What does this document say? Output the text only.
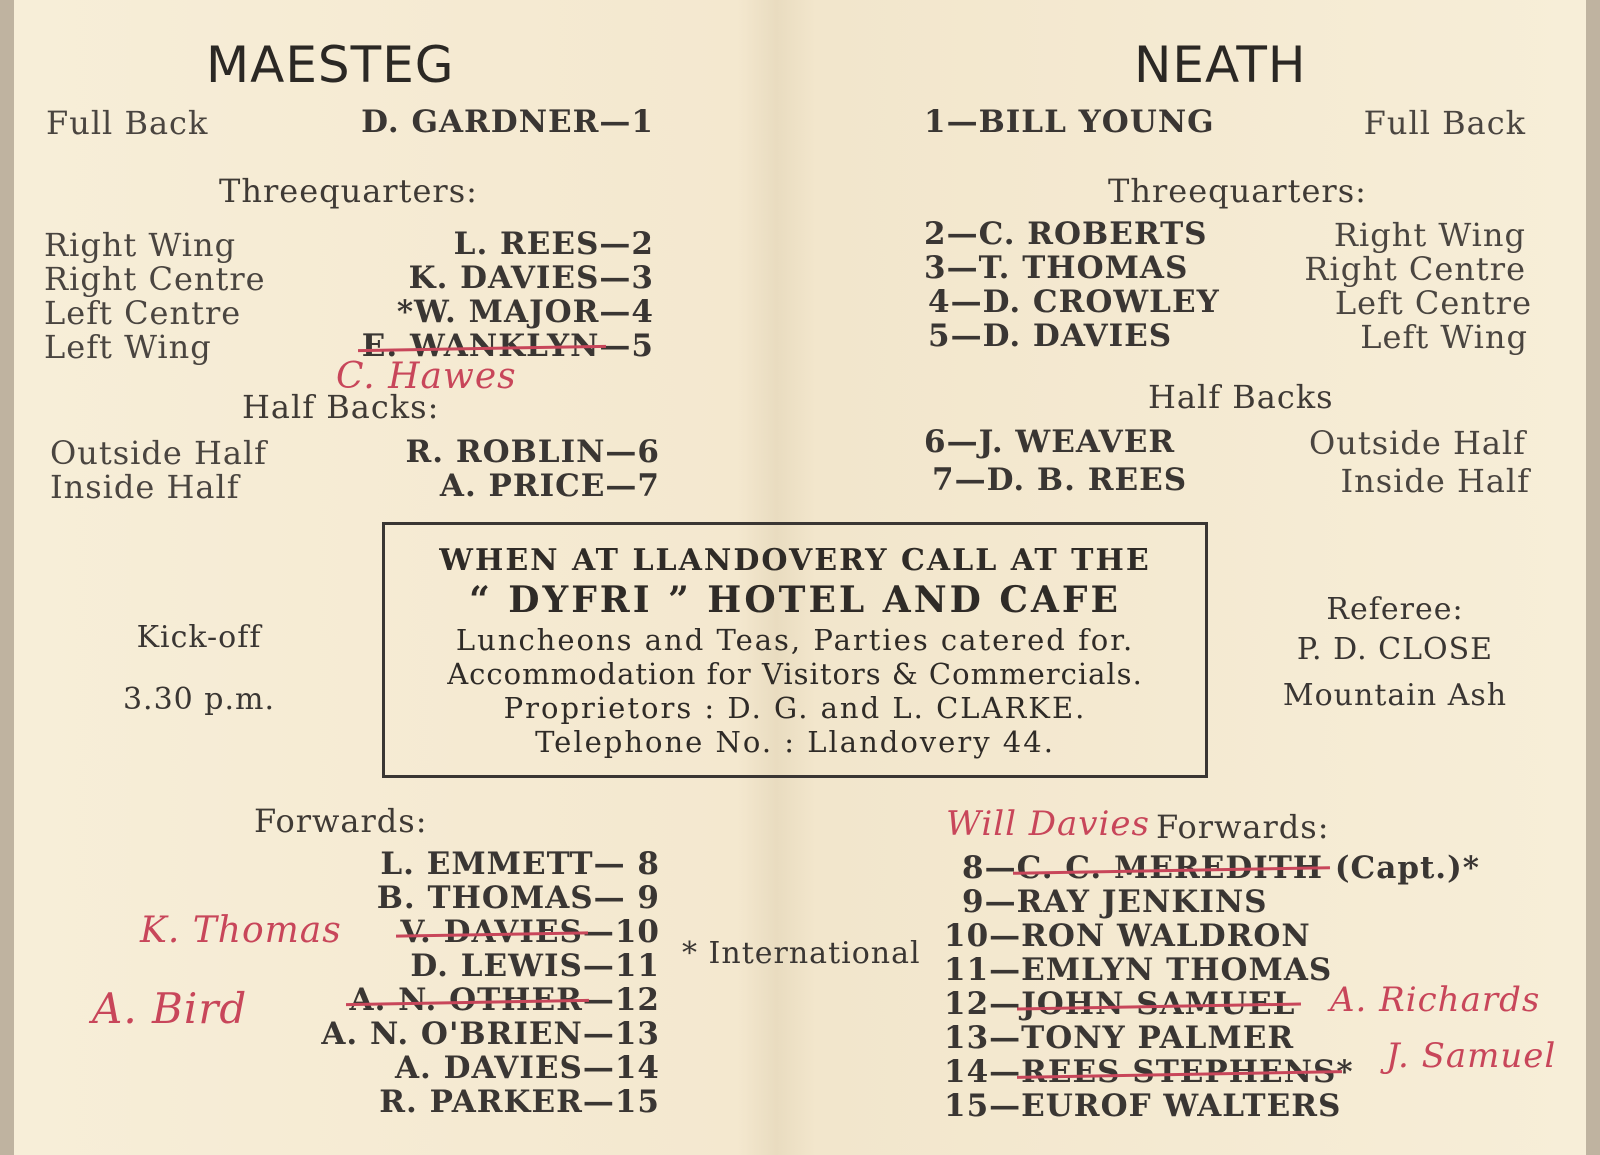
MAESTEG
Full Back	D. GARDNER—1
Threequarters:
Right Wing	L. REES—2
Right Centre	K. DAVIES—3
Left Centre	*W. MAJOR—4
Left Wing	E. WANKLYN—5
C. Hawes
Half Backs:
Outside Half	R. ROBLIN—6
Inside Half	A. PRICE—7
Kick-off
3.30 p.m.
WHEN AT LLANDOVERY CALL AT THE
“ DYFRI ” HOTEL AND CAFE
Luncheons and Teas, Parties catered for.
Accommodation for Visitors & Commercials.
Proprietors : D. G. and L. CLARKE.
Telephone No. : Llandovery 44.
Referee:
P. D. CLOSE
Mountain Ash
Forwards:
L. EMMETT— 8
B. THOMAS— 9
V. DAVIES—10
K. Thomas
D. LEWIS—11
A. N. OTHER—12
A. Bird
A. N. O'BRIEN—13
A. DAVIES—14
R. PARKER—15
* International
NEATH
1—BILL YOUNG	Full Back
Threequarters:
2—C. ROBERTS	Right Wing
3—T. THOMAS	Right Centre
4—D. CROWLEY	Left Centre
5—D. DAVIES	Left Wing
Half Backs
6—J. WEAVER	Outside Half
7—D. B. REES	Inside Half
Will Davies Forwards:
8—C. C. MEREDITH (Capt.)*
9—RAY JENKINS
10—RON WALDRON
11—EMLYN THOMAS
12—JOHN SAMUEL A. Richards
13—TONY PALMER
14—REES STEPHENS* J. Samuel
15—EUROF WALTERS
